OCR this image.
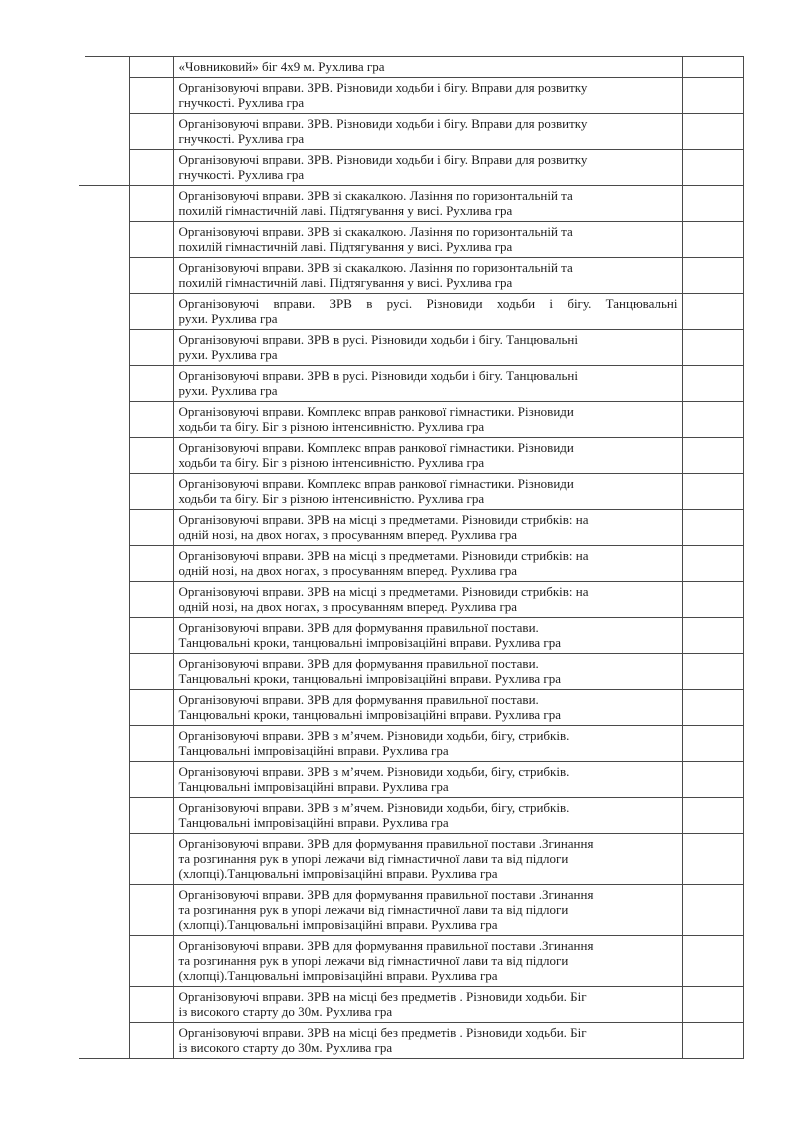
		«Човниковий» біг 4х9 м. Рухлива гра	

		Організовуючі вправи. ЗРВ. Різновиди ходьби і бігу. Вправи для розвитку
гнучкості. Рухлива гра	

		Організовуючі вправи. ЗРВ. Різновиди ходьби і бігу. Вправи для розвитку
гнучкості. Рухлива гра	

		Організовуючі вправи. ЗРВ. Різновиди ходьби і бігу. Вправи для розвитку
гнучкості. Рухлива гра	

		Організовуючі вправи. ЗРВ зі скакалкою. Лазіння по горизонтальній та
похилій гімнастичній лаві. Підтягування у висі. Рухлива гра	

		Організовуючі вправи. ЗРВ зі скакалкою. Лазіння по горизонтальній та
похилій гімнастичній лаві. Підтягування у висі. Рухлива гра	

		Організовуючі вправи. ЗРВ зі скакалкою. Лазіння по горизонтальній та
похилій гімнастичній лаві. Підтягування у висі. Рухлива гра	

		Організовуючі вправи. ЗРВ в русі. Різновиди ходьби і бігу. Танцювальні
рухи. Рухлива гра	

		Організовуючі вправи. ЗРВ в русі. Різновиди ходьби і бігу. Танцювальні
рухи. Рухлива гра	

		Організовуючі вправи. ЗРВ в русі. Різновиди ходьби і бігу. Танцювальні
рухи. Рухлива гра	

		Організовуючі вправи. Комплекс вправ ранкової гімнастики. Різновиди
ходьби та бігу. Біг з різною інтенсивністю. Рухлива гра	

		Організовуючі вправи. Комплекс вправ ранкової гімнастики. Різновиди
ходьби та бігу. Біг з різною інтенсивністю. Рухлива гра	

		Організовуючі вправи. Комплекс вправ ранкової гімнастики. Різновиди
ходьби та бігу. Біг з різною інтенсивністю. Рухлива гра	

		Організовуючі вправи. ЗРВ на місці з предметами. Різновиди стрибків: на
одній нозі, на двох ногах, з просуванням вперед. Рухлива гра	

		Організовуючі вправи. ЗРВ на місці з предметами. Різновиди стрибків: на
одній нозі, на двох ногах, з просуванням вперед. Рухлива гра	

		Організовуючі вправи. ЗРВ на місці з предметами. Різновиди стрибків: на
одній нозі, на двох ногах, з просуванням вперед. Рухлива гра	

		Організовуючі вправи. ЗРВ для формування правильної постави.
Танцювальні кроки, танцювальні імпровізаційні вправи. Рухлива гра	

		Організовуючі вправи. ЗРВ для формування правильної постави.
Танцювальні кроки, танцювальні імпровізаційні вправи. Рухлива гра	

		Організовуючі вправи. ЗРВ для формування правильної постави.
Танцювальні кроки, танцювальні імпровізаційні вправи. Рухлива гра	

		Організовуючі вправи. ЗРВ з м’ячем. Різновиди ходьби, бігу, стрибків.
Танцювальні імпровізаційні вправи. Рухлива гра	

		Організовуючі вправи. ЗРВ з м’ячем. Різновиди ходьби, бігу, стрибків.
Танцювальні імпровізаційні вправи. Рухлива гра	

		Організовуючі вправи. ЗРВ з м’ячем. Різновиди ходьби, бігу, стрибків.
Танцювальні імпровізаційні вправи. Рухлива гра	

		Організовуючі вправи. ЗРВ для формування правильної постави .Згинання
та розгинання рук в упорі лежачи від гімнастичної лави та від підлоги
(хлопці).Танцювальні імпровізаційні вправи. Рухлива гра	

		Організовуючі вправи. ЗРВ для формування правильної постави .Згинання
та розгинання рук в упорі лежачи від гімнастичної лави та від підлоги
(хлопці).Танцювальні імпровізаційні вправи. Рухлива гра	

		Організовуючі вправи. ЗРВ для формування правильної постави .Згинання
та розгинання рук в упорі лежачи від гімнастичної лави та від підлоги
(хлопці).Танцювальні імпровізаційні вправи. Рухлива гра	

		Організовуючі вправи. ЗРВ на місці без предметів . Різновиди ходьби. Біг
із високого старту до 30м. Рухлива гра	

		Організовуючі вправи. ЗРВ на місці без предметів . Різновиди ходьби. Біг
із високого старту до 30м. Рухлива гра	
